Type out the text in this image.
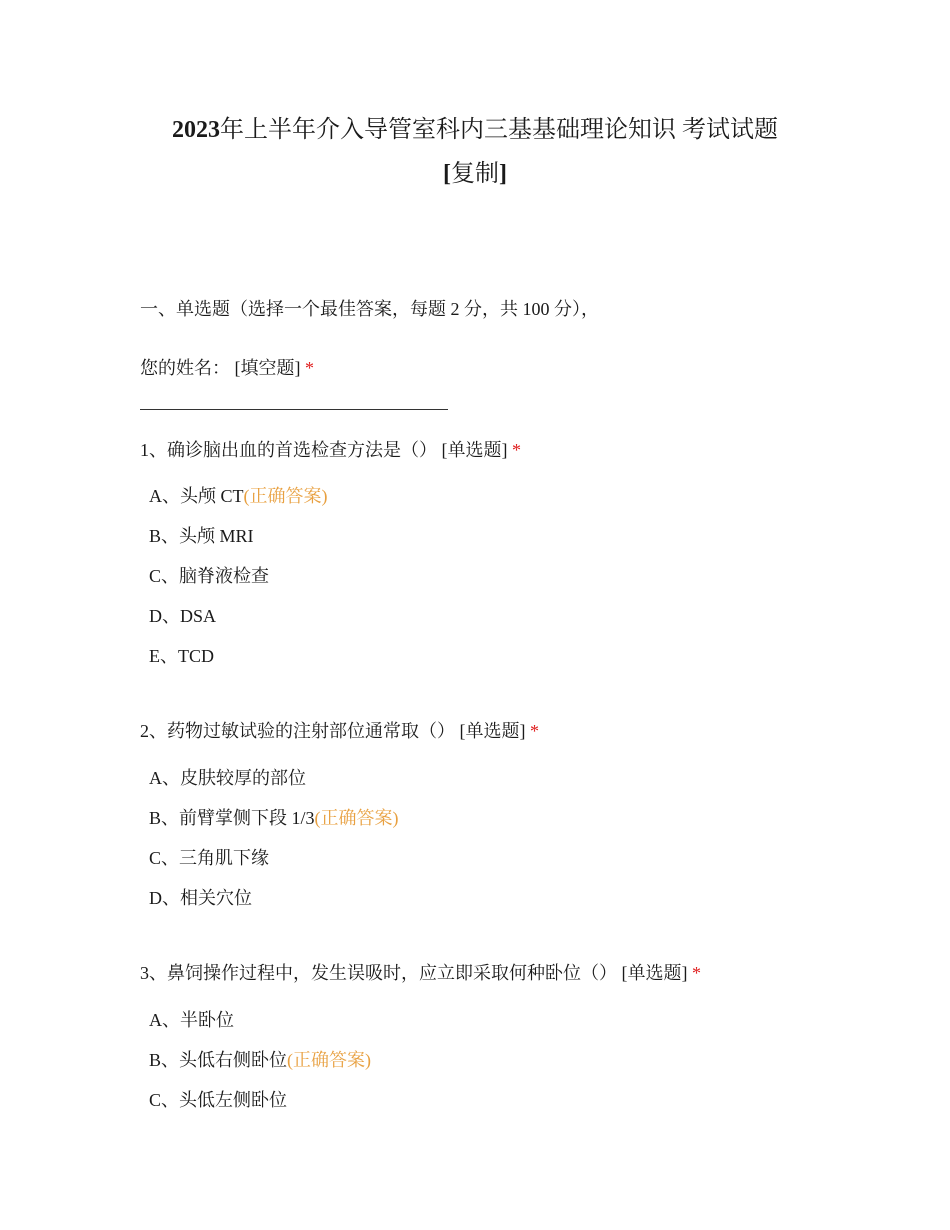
2023年上半年介入导管室科内三基基础理论知识 考试试题
[复制]
一、单选题（选择一个最佳答案，每题 2 分，共 100 分），
您的姓名： [填空题] *
1、确诊脑出血的首选检查方法是（） [单选题] *
A、头颅 CT(正确答案)
B、头颅 MRI
C、脑脊液检查
D、DSA
E、TCD
2、药物过敏试验的注射部位通常取（） [单选题] *
A、皮肤较厚的部位
B、前臂掌侧下段 1/3(正确答案)
C、三角肌下缘
D、相关穴位
3、鼻饲操作过程中，发生误吸时，应立即采取何种卧位（） [单选题] *
A、半卧位
B、头低右侧卧位(正确答案)
C、头低左侧卧位
